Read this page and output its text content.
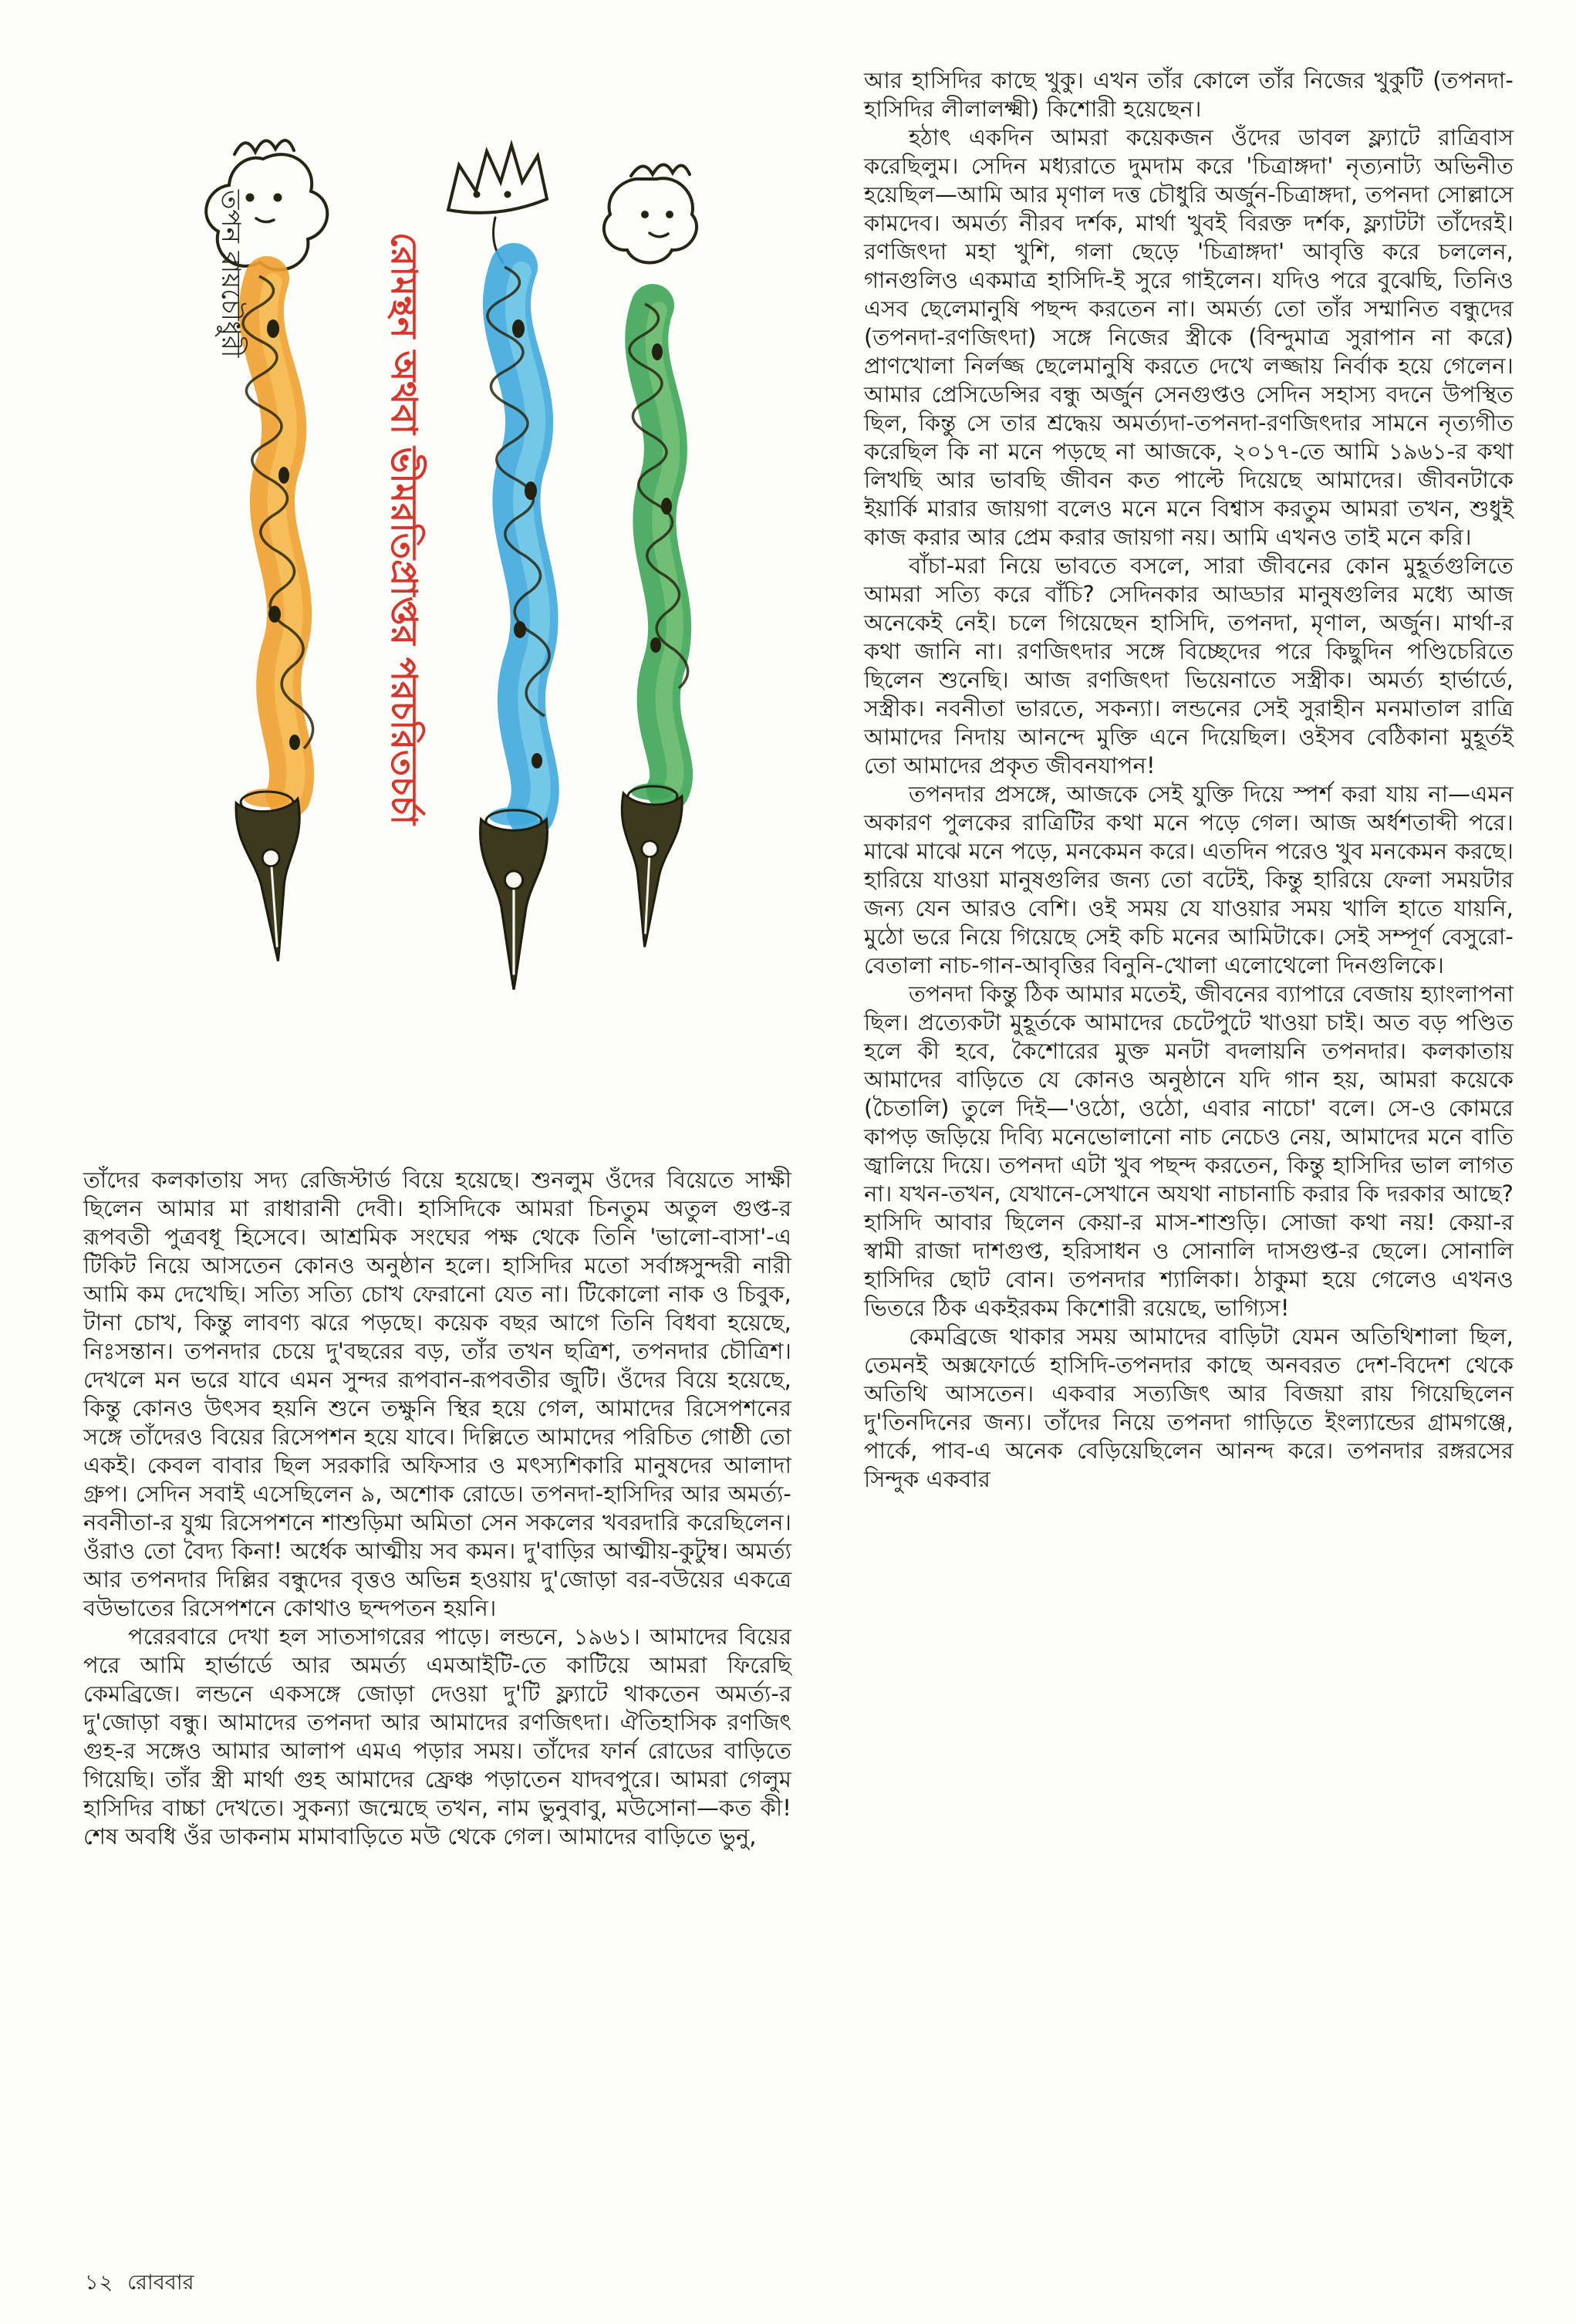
তপন রায়চৌধুরী	রোমন্থন অথবা ভীমরতিপ্রাপ্তর পরচরিতচর্চা

তাঁদের কলকাতায় সদ্য রেজিস্টার্ড বিয়ে হয়েছে। শুনলুম ওঁদের বিয়েতে সাক্ষী ছিলেন আমার মা রাধারানী দেবী। হাসিদিকে আমরা চিনতুম অতুল গুপ্ত-র রূপবতী পুত্রবধূ হিসেবে। আশ্রমিক সংঘের পক্ষ থেকে তিনি 'ভালো-বাসা'-এ টিকিট নিয়ে আসতেন কোনও অনুষ্ঠান হলে। হাসিদির মতো সর্বাঙ্গসুন্দরী নারী আমি কম দেখেছি। সত্যি সত্যি চোখ ফেরানো যেত না। টিকোলো নাক ও চিবুক, টানা চোখ, কিন্তু লাবণ্য ঝরে পড়ছে। কয়েক বছর আগে তিনি বিধবা হয়েছে, নিঃসন্তান। তপনদার চেয়ে দু'বছরের বড়, তাঁর তখন ছত্রিশ, তপনদার চৌত্রিশ। দেখলে মন ভরে যাবে এমন সুন্দর রূপবান-রূপবতীর জুটি। ওঁদের বিয়ে হয়েছে, কিন্তু কোনও উৎসব হয়নি শুনে তক্ষুনি স্থির হয়ে গেল, আমাদের রিসেপশনের সঙ্গে তাঁদেরও বিয়ের রিসেপশন হয়ে যাবে। দিল্লিতে আমাদের পরিচিত গোষ্ঠী তো একই। কেবল বাবার ছিল সরকারি অফিসার ও মৎস্যশিকারি মানুষদের আলাদা গ্রুপ। সেদিন সবাই এসেছিলেন ৯, অশোক রোডে। তপনদা-হাসিদির আর অমর্ত্য-নবনীতা-র যুগ্ম রিসেপশনে শাশুড়িমা অমিতা সেন সকলের খবরদারি করেছিলেন। ওঁরাও তো বৈদ্য কিনা! অর্ধেক আত্মীয় সব কমন। দু'বাড়ির আত্মীয়-কুটুম্ব। অমর্ত্য আর তপনদার দিল্লির বন্ধুদের বৃত্তও অভিন্ন হওয়ায় দু'জোড়া বর-বউয়ের একত্রে বউভাতের রিসেপশনে কোথাও ছন্দপতন হয়নি।

পরেরবারে দেখা হল সাতসাগরের পাড়ে। লন্ডনে, ১৯৬১। আমাদের বিয়ের পরে আমি হার্ভার্ডে আর অমর্ত্য এমআইটি-তে কাটিয়ে আমরা ফিরেছি কেমব্রিজে। লন্ডনে একসঙ্গে জোড়া দেওয়া দু'টি ফ্ল্যাটে থাকতেন অমর্ত্য-র দু'জোড়া বন্ধু। আমাদের তপনদা আর আমাদের রণজিৎদা। ঐতিহাসিক রণজিৎ গুহ-র সঙ্গেও আমার আলাপ এমএ পড়ার সময়। তাঁদের ফার্ন রোডের বাড়িতে গিয়েছি। তাঁর স্ত্রী মার্থা গুহ আমাদের ফ্রেঞ্চ পড়াতেন যাদবপুরে। আমরা গেলুম হাসিদির বাচ্চা দেখতে। সুকন্যা জন্মেছে তখন, নাম ভুনুবাবু, মউসোনা—কত কী! শেষ অবধি ওঁর ডাকনাম মামাবাড়িতে মউ থেকে গেল। আমাদের বাড়িতে ভুনু,

আর হাসিদির কাছে খুকু। এখন তাঁর কোলে তাঁর নিজের খুকুটি (তপনদা-হাসিদির লীলালক্ষ্মী) কিশোরী হয়েছেন।

হঠাৎ একদিন আমরা কয়েকজন ওঁদের ডাবল ফ্ল্যাটে রাত্রিবাস করেছিলুম। সেদিন মধ্যরাতে দুমদাম করে 'চিত্রাঙ্গদা' নৃত্যনাট্য অভিনীত হয়েছিল—আমি আর মৃণাল দত্ত চৌধুরি অর্জুন-চিত্রাঙ্গদা, তপনদা সোল্লাসে কামদেব। অমর্ত্য নীরব দর্শক, মার্থা খুবই বিরক্ত দর্শক, ফ্ল্যাটটা তাঁদেরই। রণজিৎদা মহা খুশি, গলা ছেড়ে 'চিত্রাঙ্গদা' আবৃত্তি করে চললেন, গানগুলিও একমাত্র হাসিদি-ই সুরে গাইলেন। যদিও পরে বুঝেছি, তিনিও এসব ছেলেমানুষি পছন্দ করতেন না। অমর্ত্য তো তাঁর সম্মানিত বন্ধুদের (তপনদা-রণজিৎদা) সঙ্গে নিজের স্ত্রীকে (বিন্দুমাত্র সুরাপান না করে) প্রাণখোলা নির্লজ্জ ছেলেমানুষি করতে দেখে লজ্জায় নির্বাক হয়ে গেলেন। আমার প্রেসিডেন্সির বন্ধু অর্জুন সেনগুপ্তও সেদিন সহাস্য বদনে উপস্থিত ছিল, কিন্তু সে তার শ্রদ্ধেয় অমর্ত্যদা-তপনদা-রণজিৎদার সামনে নৃত্যগীত করেছিল কি না মনে পড়ছে না আজকে, ২০১৭-তে আমি ১৯৬১-র কথা লিখছি আর ভাবছি জীবন কত পাল্টে দিয়েছে আমাদের। জীবনটাকে ইয়ার্কি মারার জায়গা বলেও মনে মনে বিশ্বাস করতুম আমরা তখন, শুধুই কাজ করার আর প্রেম করার জায়গা নয়। আমি এখনও তাই মনে করি।

বাঁচা-মরা নিয়ে ভাবতে বসলে, সারা জীবনের কোন মুহূর্তগুলিতে আমরা সত্যি করে বাঁচি? সেদিনকার আড্ডার মানুষগুলির মধ্যে আজ অনেকেই নেই। চলে গিয়েছেন হাসিদি, তপনদা, মৃণাল, অর্জুন। মার্থা-র কথা জানি না। রণজিৎদার সঙ্গে বিচ্ছেদের পরে কিছুদিন পণ্ডিচেরিতে ছিলেন শুনেছি। আজ রণজিৎদা ভিয়েনাতে সস্ত্রীক। অমর্ত্য হার্ভার্ডে, সস্ত্রীক। নবনীতা ভারতে, সকন্যা। লন্ডনের সেই সুরাহীন মনমাতাল রাত্রি আমাদের নিদায় আনন্দে মুক্তি এনে দিয়েছিল। ওইসব বেঠিকানা মুহূর্তই তো আমাদের প্রকৃত জীবনযাপন!

তপনদার প্রসঙ্গে, আজকে সেই যুক্তি দিয়ে স্পর্শ করা যায় না—এমন অকারণ পুলকের রাত্রিটির কথা মনে পড়ে গেল। আজ অর্ধশতাব্দী পরে। মাঝে মাঝে মনে পড়ে, মনকেমন করে। এতদিন পরেও খুব মনকেমন করছে। হারিয়ে যাওয়া মানুষগুলির জন্য তো বটেই, কিন্তু হারিয়ে ফেলা সময়টার জন্য যেন আরও বেশি। ওই সময় যে যাওয়ার সময় খালি হাতে যায়নি, মুঠো ভরে নিয়ে গিয়েছে সেই কচি মনের আমিটাকে। সেই সম্পূর্ণ বেসুরো-বেতালা নাচ-গান-আবৃত্তির বিনুনি-খোলা এলোথেলো দিনগুলিকে।

তপনদা কিন্তু ঠিক আমার মতেই, জীবনের ব্যাপারে বেজায় হ্যাংলাপনা ছিল। প্রত্যেকটা মুহূর্তকে আমাদের চেটেপুটে খাওয়া চাই। অত বড় পণ্ডিত হলে কী হবে, কৈশোরের মুক্ত মনটা বদলায়নি তপনদার। কলকাতায় আমাদের বাড়িতে যে কোনও অনুষ্ঠানে যদি গান হয়, আমরা কয়েকে (চৈতালি) তুলে দিই—'ওঠো, ওঠো, এবার নাচো' বলে। সে-ও কোমরে কাপড় জড়িয়ে দিব্যি মনেভোলানো নাচ নেচেও নেয়, আমাদের মনে বাতি জ্বালিয়ে দিয়ে। তপনদা এটা খুব পছন্দ করতেন, কিন্তু হাসিদির ভাল লাগত না। যখন-তখন, যেখানে-সেখানে অযথা নাচানাচি করার কি দরকার আছে? হাসিদি আবার ছিলেন কেয়া-র মাস-শাশুড়ি। সোজা কথা নয়! কেয়া-র স্বামী রাজা দাশগুপ্ত, হরিসাধন ও সোনালি দাসগুপ্ত-র ছেলে। সোনালি হাসিদির ছোট বোন। তপনদার শ্যালিকা। ঠাকুমা হয়ে গেলেও এখনও ভিতরে ঠিক একইরকম কিশোরী রয়েছে, ভাগ্যিস!

কেমব্রিজে থাকার সময় আমাদের বাড়িটা যেমন অতিথিশালা ছিল, তেমনই অক্সফোর্ডে হাসিদি-তপনদার কাছে অনবরত দেশ-বিদেশ থেকে অতিথি আসতেন। একবার সত্যজিৎ আর বিজয়া রায় গিয়েছিলেন দু'তিনদিনের জন্য। তাঁদের নিয়ে তপনদা গাড়িতে ইংল্যান্ডের গ্রামগঞ্জে, পার্কে, পাব-এ অনেক বেড়িয়েছিলেন আনন্দ করে। তপনদার রঙ্গরসের সিন্দুক একবার

১২ রোববার
